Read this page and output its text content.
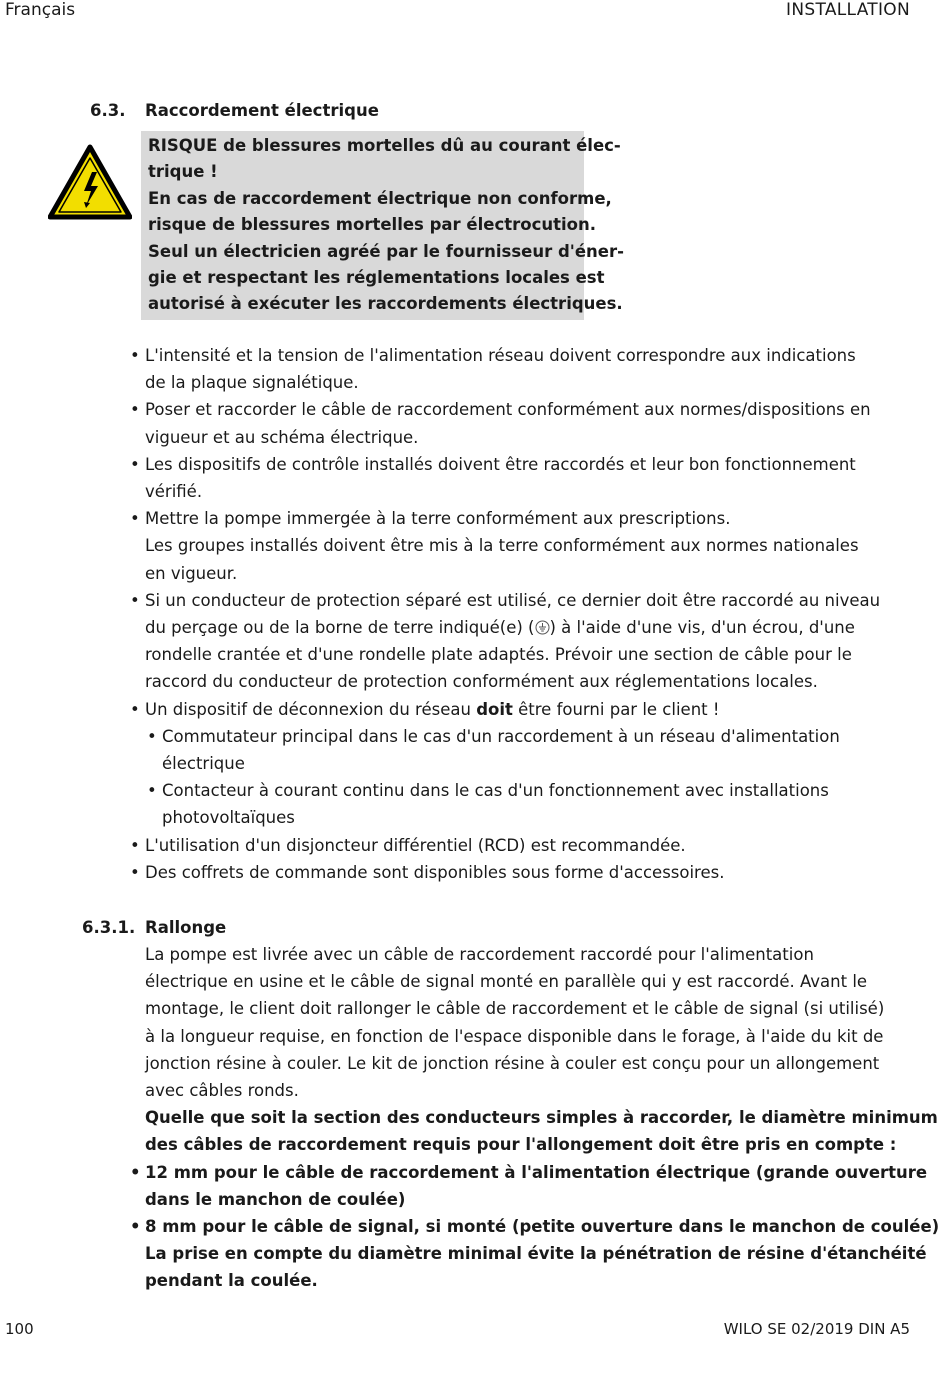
Français	INSTALLATION
6.3. Raccordement électrique

RISQUE de blessures mortelles dû au courant élec-

trique !

En cas de raccordement électrique non conforme,

risque de blessures mortelles par électrocution.

Seul un électricien agréé par le fournisseur d'éner-

gie et respectant les réglementations locales est

autorisé à exécuter les raccordements électriques.

• L'intensité et la tension de l'alimentation réseau doivent correspondre aux indications

de la plaque signalétique.

• Poser et raccorder le câble de raccordement conformément aux normes/dispositions en

vigueur et au schéma électrique.

• Les dispositifs de contrôle installés doivent être raccordés et leur bon fonctionnement

vérifié.

• Mettre la pompe immergée à la terre conformément aux prescriptions.

Les groupes installés doivent être mis à la terre conformément aux normes nationales

en vigueur.

• Si un conducteur de protection séparé est utilisé, ce dernier doit être raccordé au niveau

du perçage ou de la borne de terre indiqué(e) ( ) à l'aide d'une vis, d'un écrou, d'une

rondelle crantée et d'une rondelle plate adaptés. Prévoir une section de câble pour le

raccord du conducteur de protection conformément aux réglementations locales.

• Un dispositif de déconnexion du réseau doit être fourni par le client !

• Commutateur principal dans le cas d'un raccordement à un réseau d'alimentation

électrique

• Contacteur à courant continu dans le cas d'un fonctionnement avec installations

photovoltaïques

• L'utilisation d'un disjoncteur différentiel (RCD) est recommandée.

• Des coffrets de commande sont disponibles sous forme d'accessoires.

6.3.1. Rallonge

La pompe est livrée avec un câble de raccordement raccordé pour l'alimentation

électrique en usine et le câble de signal monté en parallèle qui y est raccordé. Avant le

montage, le client doit rallonger le câble de raccordement et le câble de signal (si utilisé)

à la longueur requise, en fonction de l'espace disponible dans le forage, à l'aide du kit de

jonction résine à couler. Le kit de jonction résine à couler est conçu pour un allongement

avec câbles ronds.

Quelle que soit la section des conducteurs simples à raccorder, le diamètre minimum

des câbles de raccordement requis pour l'allongement doit être pris en compte :

• 12 mm pour le câble de raccordement à l'alimentation électrique (grande ouverture

dans le manchon de coulée)

• 8 mm pour le câble de signal, si monté (petite ouverture dans le manchon de coulée)

La prise en compte du diamètre minimal évite la pénétration de résine d'étanchéité

pendant la coulée.

100	WILO SE 02/2019 DIN A5
